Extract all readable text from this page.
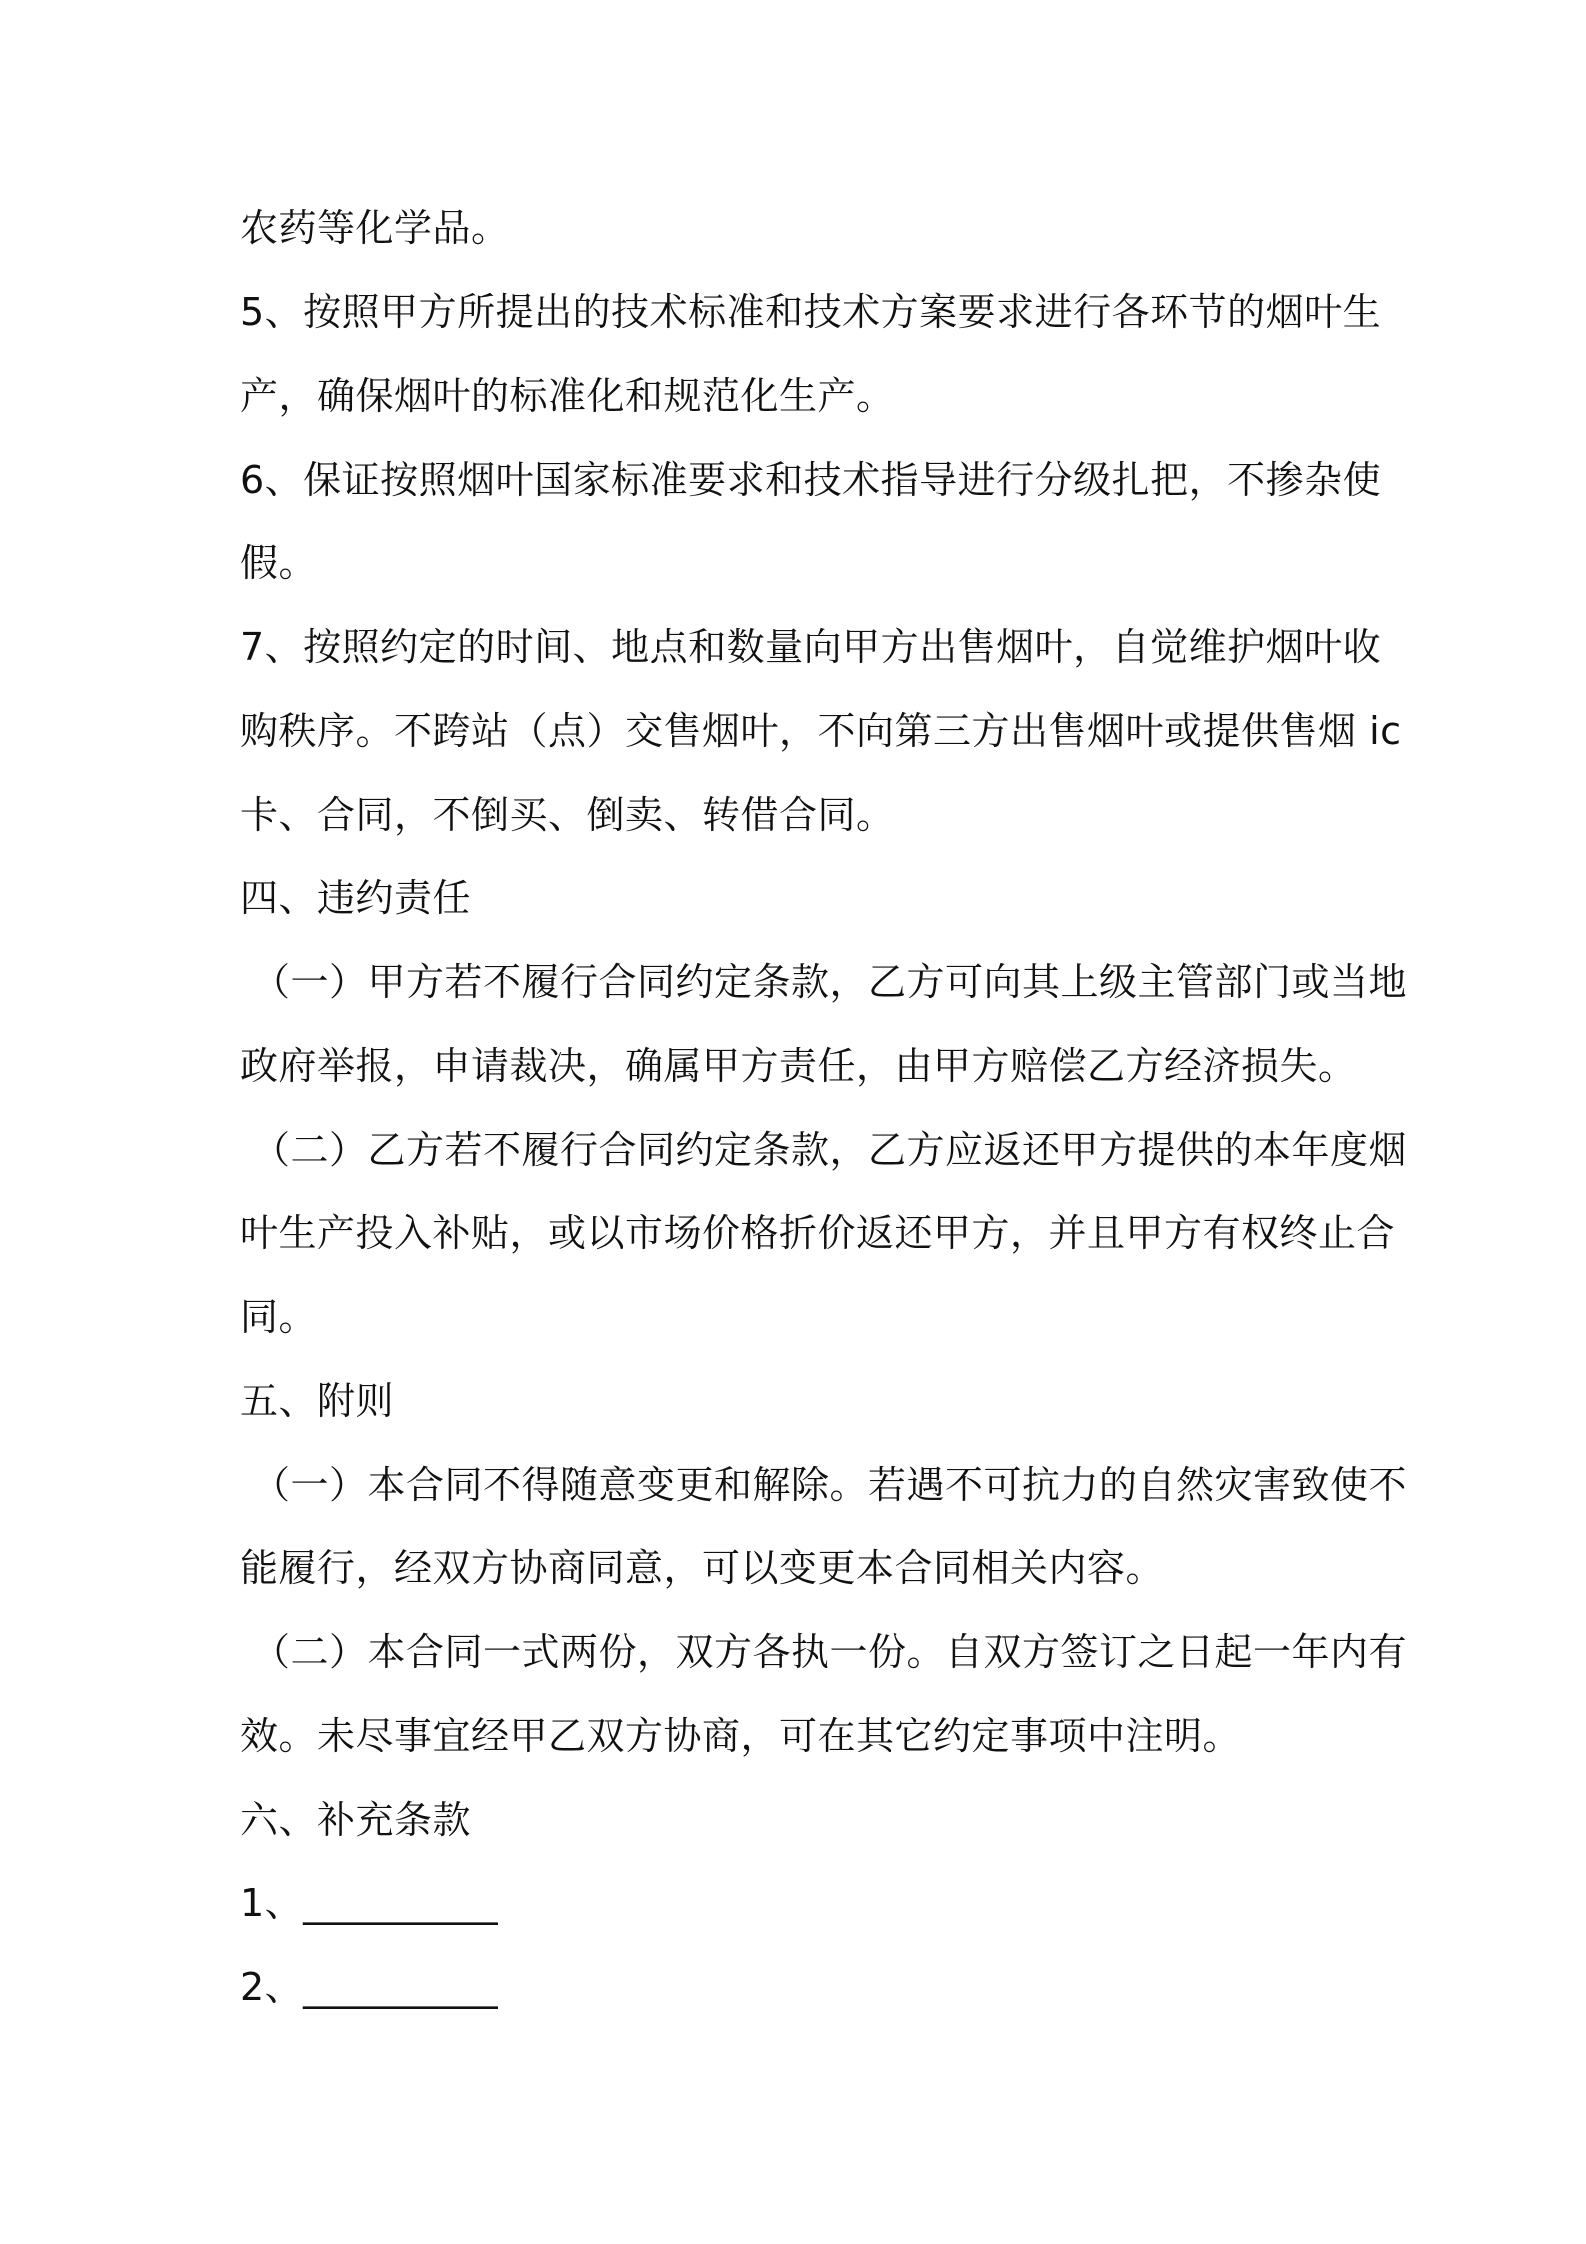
农药等化学品。
5、按照甲方所提出的技术标准和技术方案要求进行各环节的烟叶生
产，确保烟叶的标准化和规范化生产。
6、保证按照烟叶国家标准要求和技术指导进行分级扎把，不掺杂使
假。
7、按照约定的时间、地点和数量向甲方出售烟叶，自觉维护烟叶收
购秩序。不跨站（点）交售烟叶，不向第三方出售烟叶或提供售烟 ic
卡、合同，不倒买、倒卖、转借合同。
四、违约责任
（一）甲方若不履行合同约定条款，乙方可向其上级主管部门或当地
政府举报，申请裁决，确属甲方责任，由甲方赔偿乙方经济损失。
（二）乙方若不履行合同约定条款，乙方应返还甲方提供的本年度烟
叶生产投入补贴，或以市场价格折价返还甲方，并且甲方有权终止合
同。
五、附则
（一）本合同不得随意变更和解除。若遇不可抗力的自然灾害致使不
能履行，经双方协商同意，可以变更本合同相关内容。
（二）本合同一式两份，双方各执一份。自双方签订之日起一年内有
效。未尽事宜经甲乙双方协商，可在其它约定事项中注明。
六、补充条款
1、__________
2、__________
